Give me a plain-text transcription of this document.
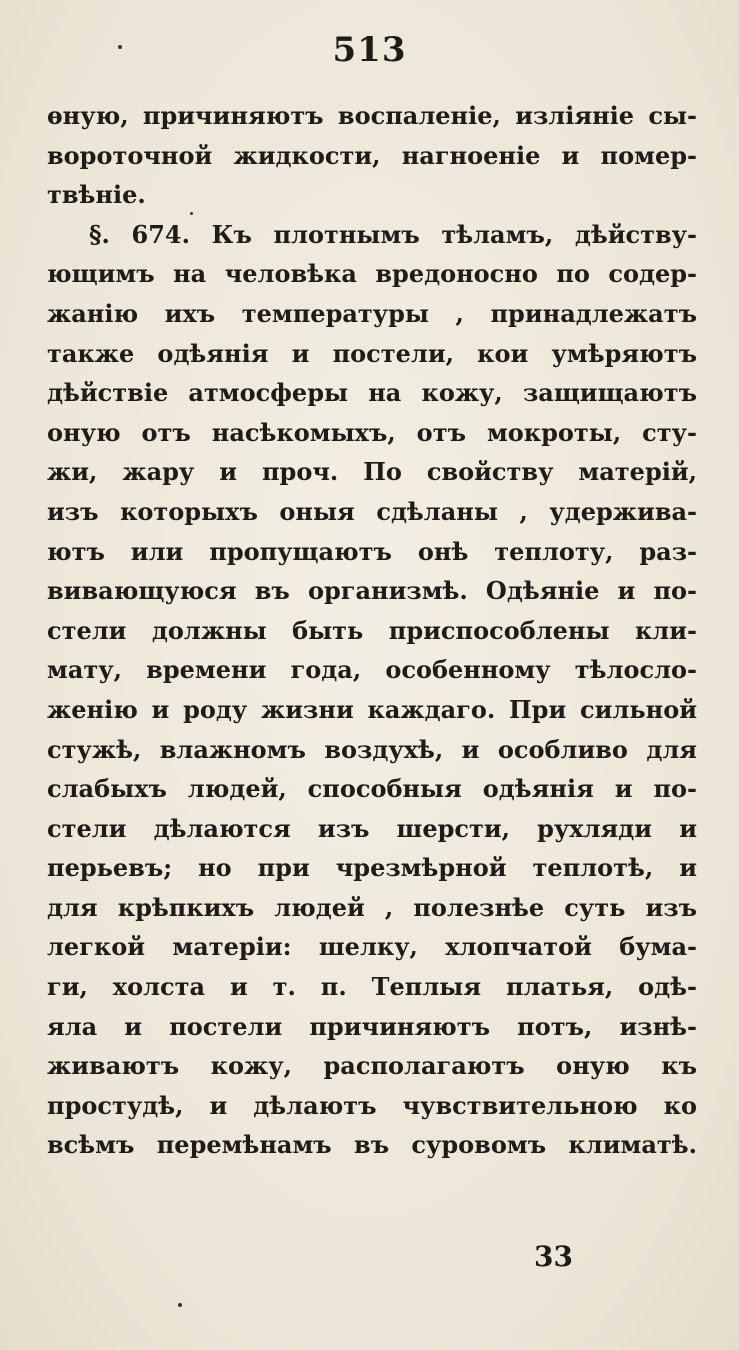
513
ѳную, причиняютъ воспаленіе, изліяніе сы-
вороточной жидкости, нагноеніе и помер-
твѣніе.
§. 674. Къ плотнымъ тѣламъ, дѣйству-
ющимъ на человѣка вредоносно по содер-
жанію ихъ температуры , принадлежатъ
также одѣянія и постели, кои умѣряютъ
дѣйствіе атмосферы на кожу, защищаютъ
оную отъ насѣкомыхъ, отъ мокроты, сту-
жи, жару и проч. По свойству матерій,
изъ которыхъ оныя сдѣланы , удержива-
ютъ или пропущаютъ онѣ теплоту, раз-
вивающуюся въ организмѣ. Одѣяніе и по-
стели должны быть приспособлены кли-
мату, времени года, особенному тѣлосло-
женію и роду жизни каждаго. При сильной
стужѣ, влажномъ воздухѣ, и особливо для
слабыхъ людей, способныя одѣянія и по-
стели дѣлаются изъ шерсти, рухляди и
перьевъ; но при чрезмѣрной теплотѣ, и
для крѣпкихъ людей , полезнѣе суть изъ
легкой матеріи: шелку, хлопчатой бума-
ги, холста и т. п. Теплыя платья, одѣ-
яла и постели причиняютъ потъ, изнѣ-
живаютъ кожу, располагаютъ оную къ
простудѣ, и дѣлаютъ чувствительною ко
всѣмъ перемѣнамъ въ суровомъ климатѣ.
33
